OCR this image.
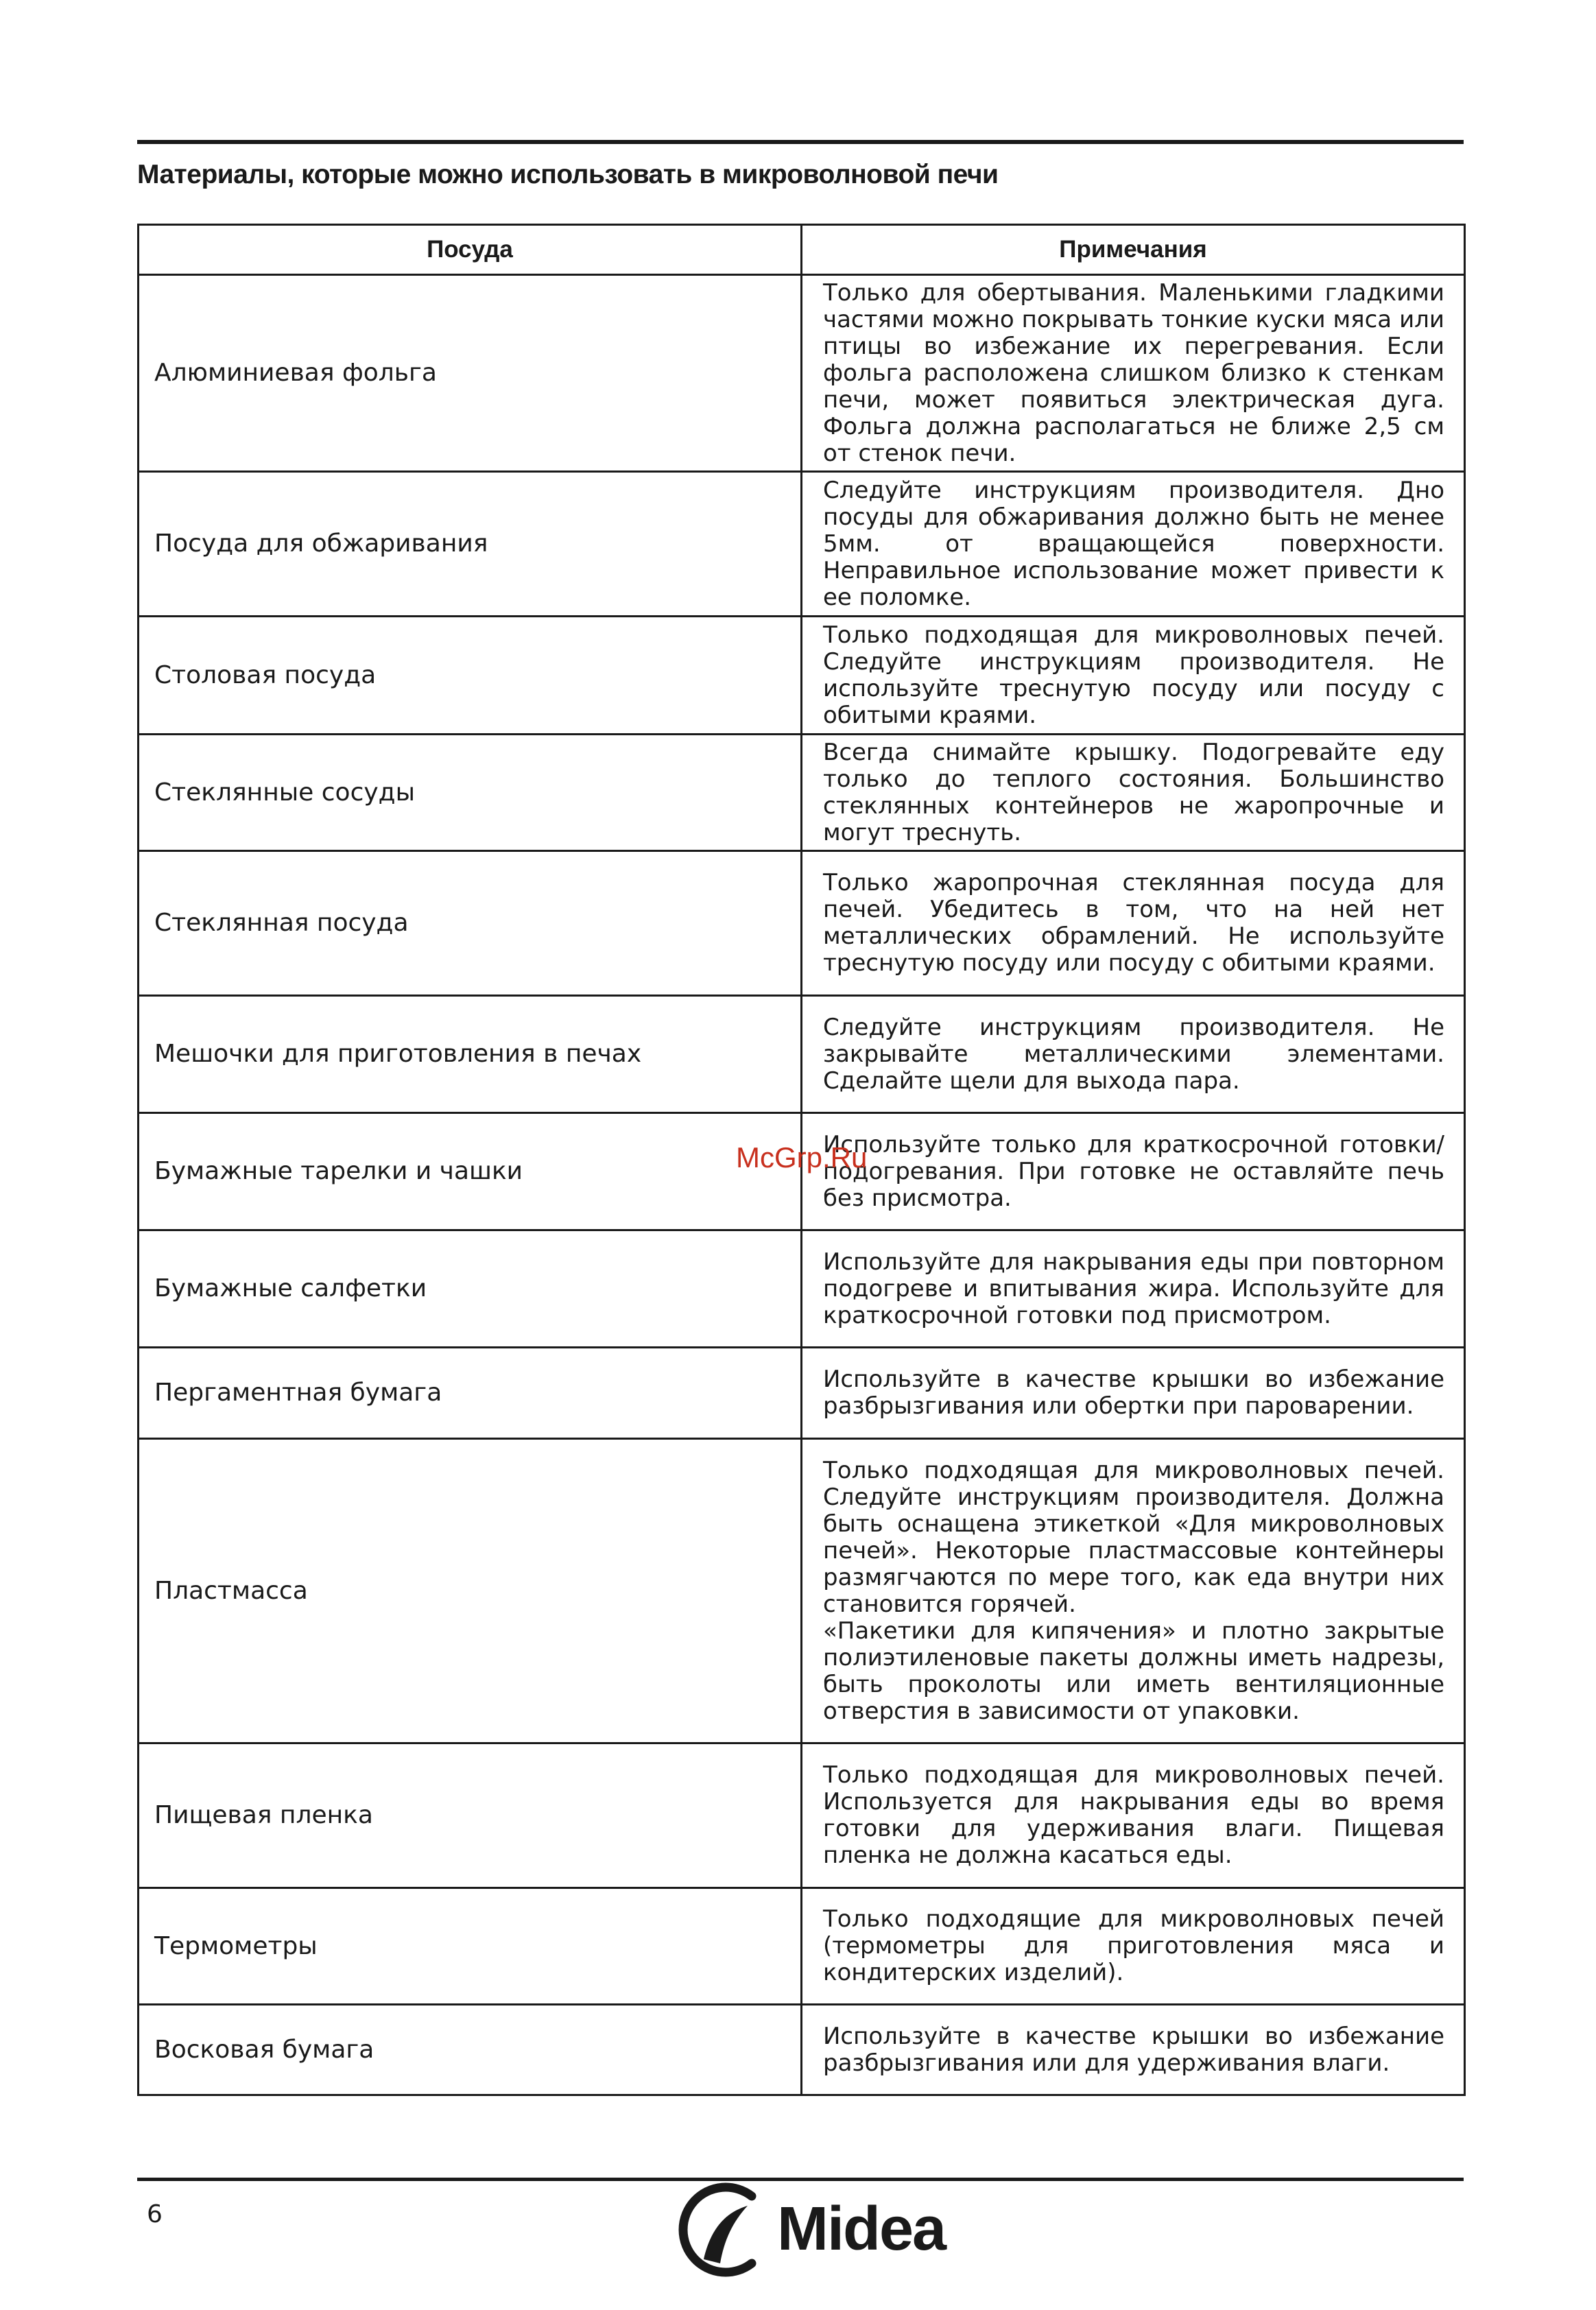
Материалы, которые можно использовать в микроволновой печи
Посуда	Примечания
Алюминиевая фольга	Только для обертывания. Маленькими гладкими частями можно покрывать тонкие куски мяса или птицы во избежание их перегревания. Если фольга расположена слишком близко к стенкам печи, может появиться электрическая дуга. Фольга должна располагаться не ближе 2,5 см от стенок печи.
Посуда для обжаривания	Следуйте инструкциям производителя. Дно посуды для обжаривания должно быть не менее 5мм. от вращающейся поверхности. Неправильное использование может привести к ее поломке.
Столовая посуда	Только подходящая для микроволновых печей. Следуйте инструкциям производителя. Не используйте треснутую посуду или посуду с обитыми краями.
Стеклянные сосуды	Всегда снимайте крышку. Подогревайте еду только до теплого состояния. Большинство стеклянных контейнеров не жаропрочные и могут треснуть.
Стеклянная посуда	Только жаропрочная стеклянная посуда для печей. Убедитесь в том, что на ней нет металлических обрамлений. Не используйте треснутую посуду или посуду с обитыми краями.
Мешочки для приготовления в печах	Следуйте инструкциям производителя. Не закрывайте металлическими элементами. Сделайте щели для выхода пара.
Бумажные тарелки и чашки	Используйте только для краткосрочной готовки/подогревания. При готовке не оставляйте печь без присмотра.
Бумажные салфетки	Используйте для накрывания еды при повторном подогреве и впитывания жира. Используйте для краткосрочной готовки под присмотром.
Пергаментная бумага	Используйте в качестве крышки во избежание разбрызгивания или обертки при пароварении.
Пластмасса	Только подходящая для микроволновых печей. Следуйте инструкциям производителя. Должна быть оснащена этикеткой «Для микроволновых печей». Некоторые пластмассовые контейнеры размягчаются по мере того, как еда внутри них становится горячей.
«Пакетики для кипячения» и плотно закрытые полиэтиленовые пакеты должны иметь надрезы, быть проколоты или иметь вентиляционные отверстия в зависимости от упаковки.
Пищевая пленка	Только подходящая для микроволновых печей. Используется для накрывания еды во время готовки для удерживания влаги. Пищевая пленка не должна касаться еды.
Термометры	Только подходящие для микроволновых печей (термометры для приготовления мяса и кондитерских изделий).
Восковая бумага	Используйте в качестве крышки во избежание разбрызгивания или для удерживания влаги.
McGrp.Ru
6	Midea
